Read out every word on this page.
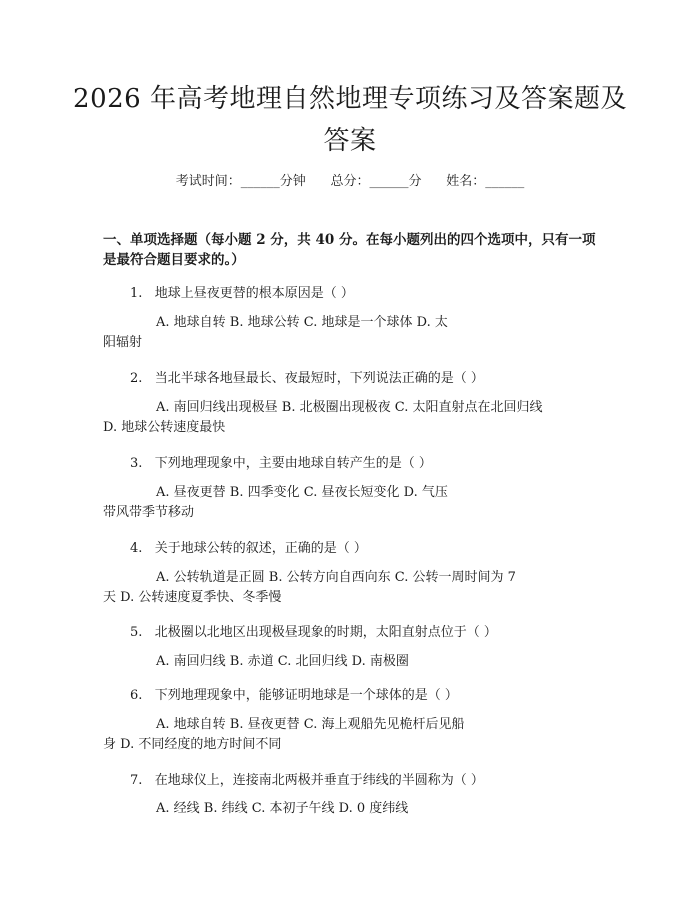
2026 年高考地理自然地理专项练习及答案题及答案
考试时间：______分钟      总分：______分      姓名：______
一、单项选择题（每小题 2 分，共 40 分。在每小题列出的四个选项中，只有一项是最符合题目要求的。）
1.   地球上昼夜更替的根本原因是（ ）
A. 地球自转 B. 地球公转 C. 地球是一个球体 D. 太
阳辐射
2.   当北半球各地昼最长、夜最短时，下列说法正确的是（ ）
A. 南回归线出现极昼 B. 北极圈出现极夜 C. 太阳直射点在北回归线
D. 地球公转速度最快
3.   下列地理现象中，主要由地球自转产生的是（ ）
A. 昼夜更替 B. 四季变化 C. 昼夜长短变化 D. 气压
带风带季节移动
4.   关于地球公转的叙述，正确的是（ ）
A. 公转轨道是正圆 B. 公转方向自西向东 C. 公转一周时间为 7
天 D. 公转速度夏季快、冬季慢
5.   北极圈以北地区出现极昼现象的时期，太阳直射点位于（ ）
A. 南回归线 B. 赤道 C. 北回归线 D. 南极圈
6.   下列地理现象中，能够证明地球是一个球体的是（ ）
A. 地球自转 B. 昼夜更替 C. 海上观船先见桅杆后见船
身 D. 不同经度的地方时间不同
7.   在地球仪上，连接南北两极并垂直于纬线的半圆称为（ ）
A. 经线 B. 纬线 C. 本初子午线 D. 0 度纬线
